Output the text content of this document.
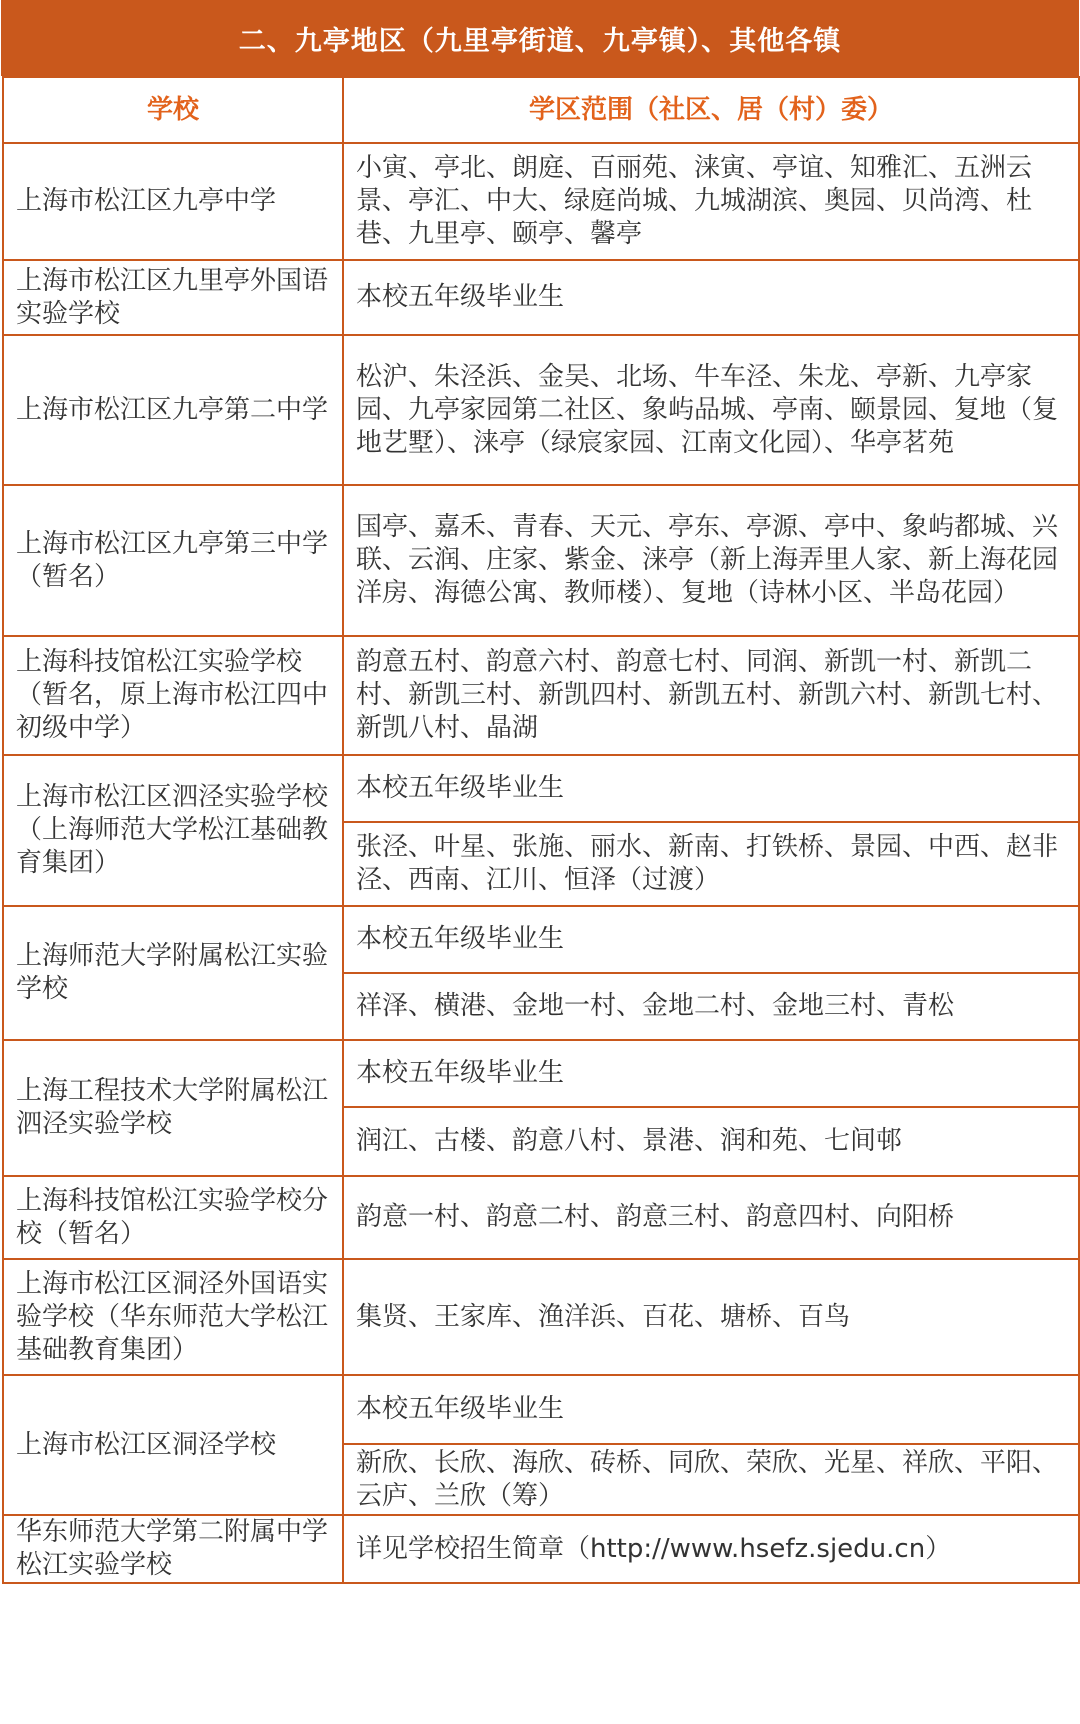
二、九亭地区（九里亭街道、九亭镇）、其他各镇
学校	学区范围（社区、居（村）委）
上海市松江区九亭中学	小寅、亭北、朗庭、百丽苑、涞寅、亭谊、知雅汇、五洲云景、亭汇、中大、绿庭尚城、九城湖滨、奥园、贝尚湾、杜巷、九里亭、颐亭、馨亭
上海市松江区九里亭外国语实验学校	本校五年级毕业生
上海市松江区九亭第二中学	松沪、朱泾浜、金吴、北场、牛车泾、朱龙、亭新、九亭家园、九亭家园第二社区、象屿品城、亭南、颐景园、复地（复地艺墅）、涞亭（绿宸家园、江南文化园）、华亭茗苑
上海市松江区九亭第三中学（暂名）	国亭、嘉禾、青春、天元、亭东、亭源、亭中、象屿都城、兴联、云润、庄家、紫金、涞亭（新上海弄里人家、新上海花园洋房、海德公寓、教师楼）、复地（诗林小区、半岛花园）
上海科技馆松江实验学校（暂名，原上海市松江四中初级中学）	韵意五村、韵意六村、韵意七村、同润、新凯一村、新凯二村、新凯三村、新凯四村、新凯五村、新凯六村、新凯七村、新凯八村、晶湖
上海市松江区泗泾实验学校（上海师范大学松江基础教育集团）	本校五年级毕业生
	张泾、叶星、张施、丽水、新南、打铁桥、景园、中西、赵非泾、西南、江川、恒泽（过渡）
上海师范大学附属松江实验学校	本校五年级毕业生
	祥泽、横港、金地一村、金地二村、金地三村、青松
上海工程技术大学附属松江泗泾实验学校	本校五年级毕业生
	润江、古楼、韵意八村、景港、润和苑、七间邨
上海科技馆松江实验学校分校（暂名）	韵意一村、韵意二村、韵意三村、韵意四村、向阳桥
上海市松江区洞泾外国语实验学校（华东师范大学松江基础教育集团）	集贤、王家库、渔洋浜、百花、塘桥、百鸟
上海市松江区洞泾学校	本校五年级毕业生
	新欣、长欣、海欣、砖桥、同欣、荣欣、光星、祥欣、平阳、云庐、兰欣（筹）
华东师范大学第二附属中学松江实验学校	详见学校招生简章（http://www.hsefz.sjedu.cn）
